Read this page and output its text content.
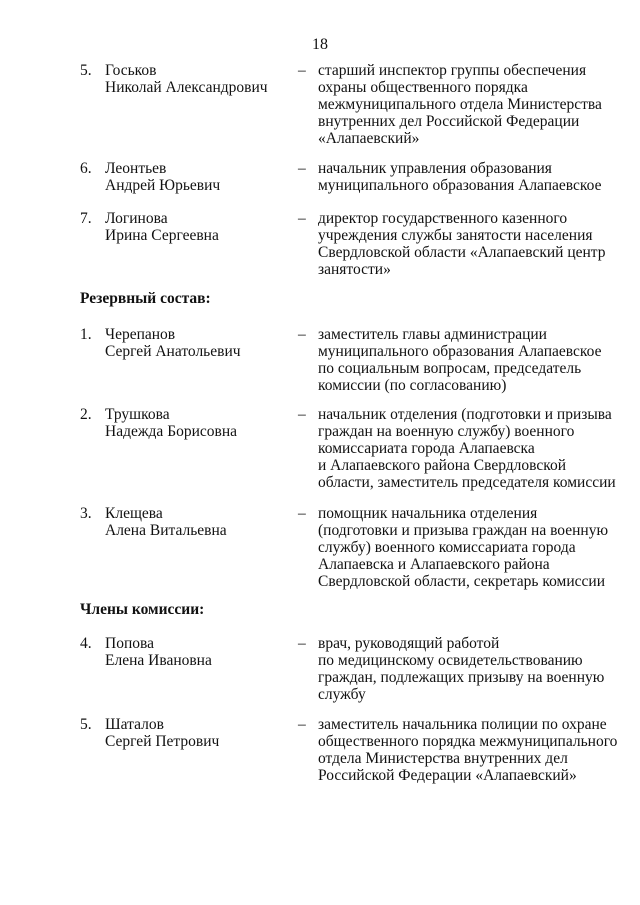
18
5. Госьков
Николай Александрович
– старший инспектор группы обеспечения
охраны общественного порядка
межмуниципального отдела Министерства
внутренних дел Российской Федерации
«Алапаевский»
6. Леонтьев
Андрей Юрьевич
– начальник управления образования
муниципального образования Алапаевское
7. Логинова
Ирина Сергеевна
– директор государственного казенного
учреждения службы занятости населения
Свердловской области «Алапаевский центр
занятости»
Резервный состав:
1. Черепанов
Сергей Анатольевич
– заместитель главы администрации
муниципального образования Алапаевское
по социальным вопросам, председатель
комиссии (по согласованию)
2. Трушкова
Надежда Борисовна
– начальник отделения (подготовки и призыва
граждан на военную службу) военного
комиссариата города Алапаевска
и Алапаевского района Свердловской
области, заместитель председателя комиссии
3. Клещева
Алена Витальевна
– помощник начальника отделения
(подготовки и призыва граждан на военную
службу) военного комиссариата города
Алапаевска и Алапаевского района
Свердловской области, секретарь комиссии
Члены комиссии:
4. Попова
Елена Ивановна
– врач, руководящий работой
по медицинскому освидетельствованию
граждан, подлежащих призыву на военную
службу
5. Шаталов
Сергей Петрович
– заместитель начальника полиции по охране
общественного порядка межмуниципального
отдела Министерства внутренних дел
Российской Федерации «Алапаевский»
